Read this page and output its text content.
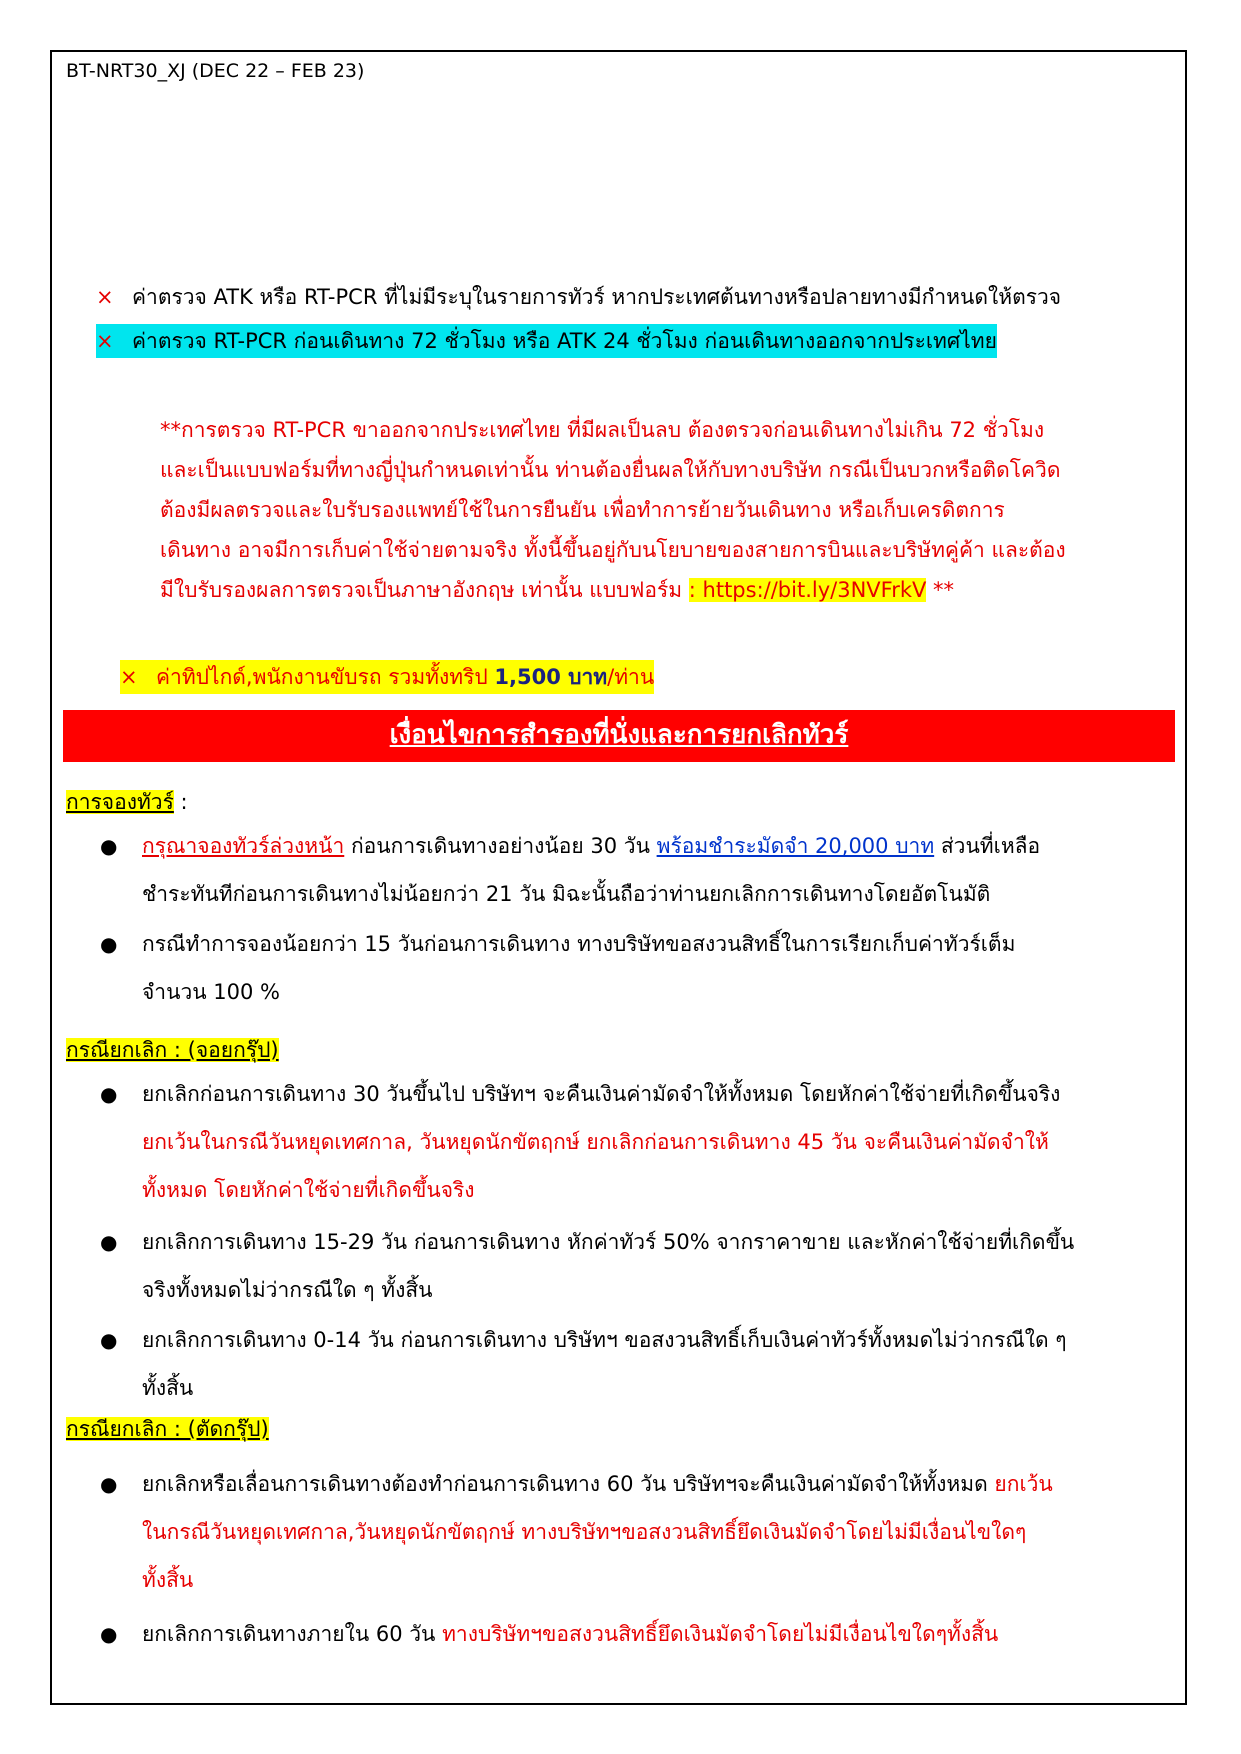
BT-NRT30_XJ (DEC 22 – FEB 23)
× ค่าตรวจ ATK หรือ RT-PCR ที่ไม่มีระบุในรายการทัวร์ หากประเทศต้นทางหรือปลายทางมีกำหนดให้ตรวจ
× ค่าตรวจ RT-PCR ก่อนเดินทาง 72 ชั่วโมง หรือ ATK 24 ชั่วโมง ก่อนเดินทางออกจากประเทศไทย

**การตรวจ RT-PCR ขาออกจากประเทศไทย ที่มีผลเป็นลบ ต้องตรวจก่อนเดินทางไม่เกิน 72 ชั่วโมง

และเป็นแบบฟอร์มที่ทางญี่ปุ่นกำหนดเท่านั้น ท่านต้องยื่นผลให้กับทางบริษัท กรณีเป็นบวกหรือติดโควิด

ต้องมีผลตรวจและใบรับรองแพทย์ใช้ในการยืนยัน เพื่อทำการย้ายวันเดินทาง หรือเก็บเครดิตการ

เดินทาง อาจมีการเก็บค่าใช้จ่ายตามจริง ทั้งนี้ขึ้นอยู่กับนโยบายของสายการบินและบริษัทคู่ค้า และต้อง

มีใบรับรองผลการตรวจเป็นภาษาอังกฤษ เท่านั้น แบบฟอร์ม : https://bit.ly/3NVFrkV **

× ค่าทิปไกด์,พนักงานขับรถ รวมทั้งทริป 1,500 บาท/ท่าน
เงื่อนไขการสำรองที่นั่งและการยกเลิกทัวร์
การจองทัวร์ :
● กรุณาจองทัวร์ล่วงหน้า ก่อนการเดินทางอย่างน้อย 30 วัน พร้อมชำระมัดจำ 20,000 บาท ส่วนที่เหลือ

ชำระทันทีก่อนการเดินทางไม่น้อยกว่า 21 วัน มิฉะนั้นถือว่าท่านยกเลิกการเดินทางโดยอัตโนมัติ

● กรณีทำการจองน้อยกว่า 15 วันก่อนการเดินทาง ทางบริษัทขอสงวนสิทธิ์ในการเรียกเก็บค่าทัวร์เต็ม

จำนวน 100 %

กรณียกเลิก : (จอยกรุ๊ป)
● ยกเลิกก่อนการเดินทาง 30 วันขึ้นไป บริษัทฯ จะคืนเงินค่ามัดจำให้ทั้งหมด โดยหักค่าใช้จ่ายที่เกิดขึ้นจริง

ยกเว้นในกรณีวันหยุดเทศกาล, วันหยุดนักขัตฤกษ์ ยกเลิกก่อนการเดินทาง 45 วัน จะคืนเงินค่ามัดจำให้

ทั้งหมด โดยหักค่าใช้จ่ายที่เกิดขึ้นจริง

● ยกเลิกการเดินทาง 15-29 วัน ก่อนการเดินทาง หักค่าทัวร์ 50% จากราคาขาย และหักค่าใช้จ่ายที่เกิดขึ้น

จริงทั้งหมดไม่ว่ากรณีใด ๆ ทั้งสิ้น

● ยกเลิกการเดินทาง 0-14 วัน ก่อนการเดินทาง บริษัทฯ ขอสงวนสิทธิ์เก็บเงินค่าทัวร์ทั้งหมดไม่ว่ากรณีใด ๆ

ทั้งสิ้น

กรณียกเลิก : (ตัดกรุ๊ป)
● ยกเลิกหรือเลื่อนการเดินทางต้องทำก่อนการเดินทาง 60 วัน บริษัทฯจะคืนเงินค่ามัดจำให้ทั้งหมด ยกเว้น

ในกรณีวันหยุดเทศกาล,วันหยุดนักขัตฤกษ์ ทางบริษัทฯขอสงวนสิทธิ์ยึดเงินมัดจำโดยไม่มีเงื่อนไขใดๆ

ทั้งสิ้น

● ยกเลิกการเดินทางภายใน 60 วัน ทางบริษัทฯขอสงวนสิทธิ์ยึดเงินมัดจำโดยไม่มีเงื่อนไขใดๆทั้งสิ้น
